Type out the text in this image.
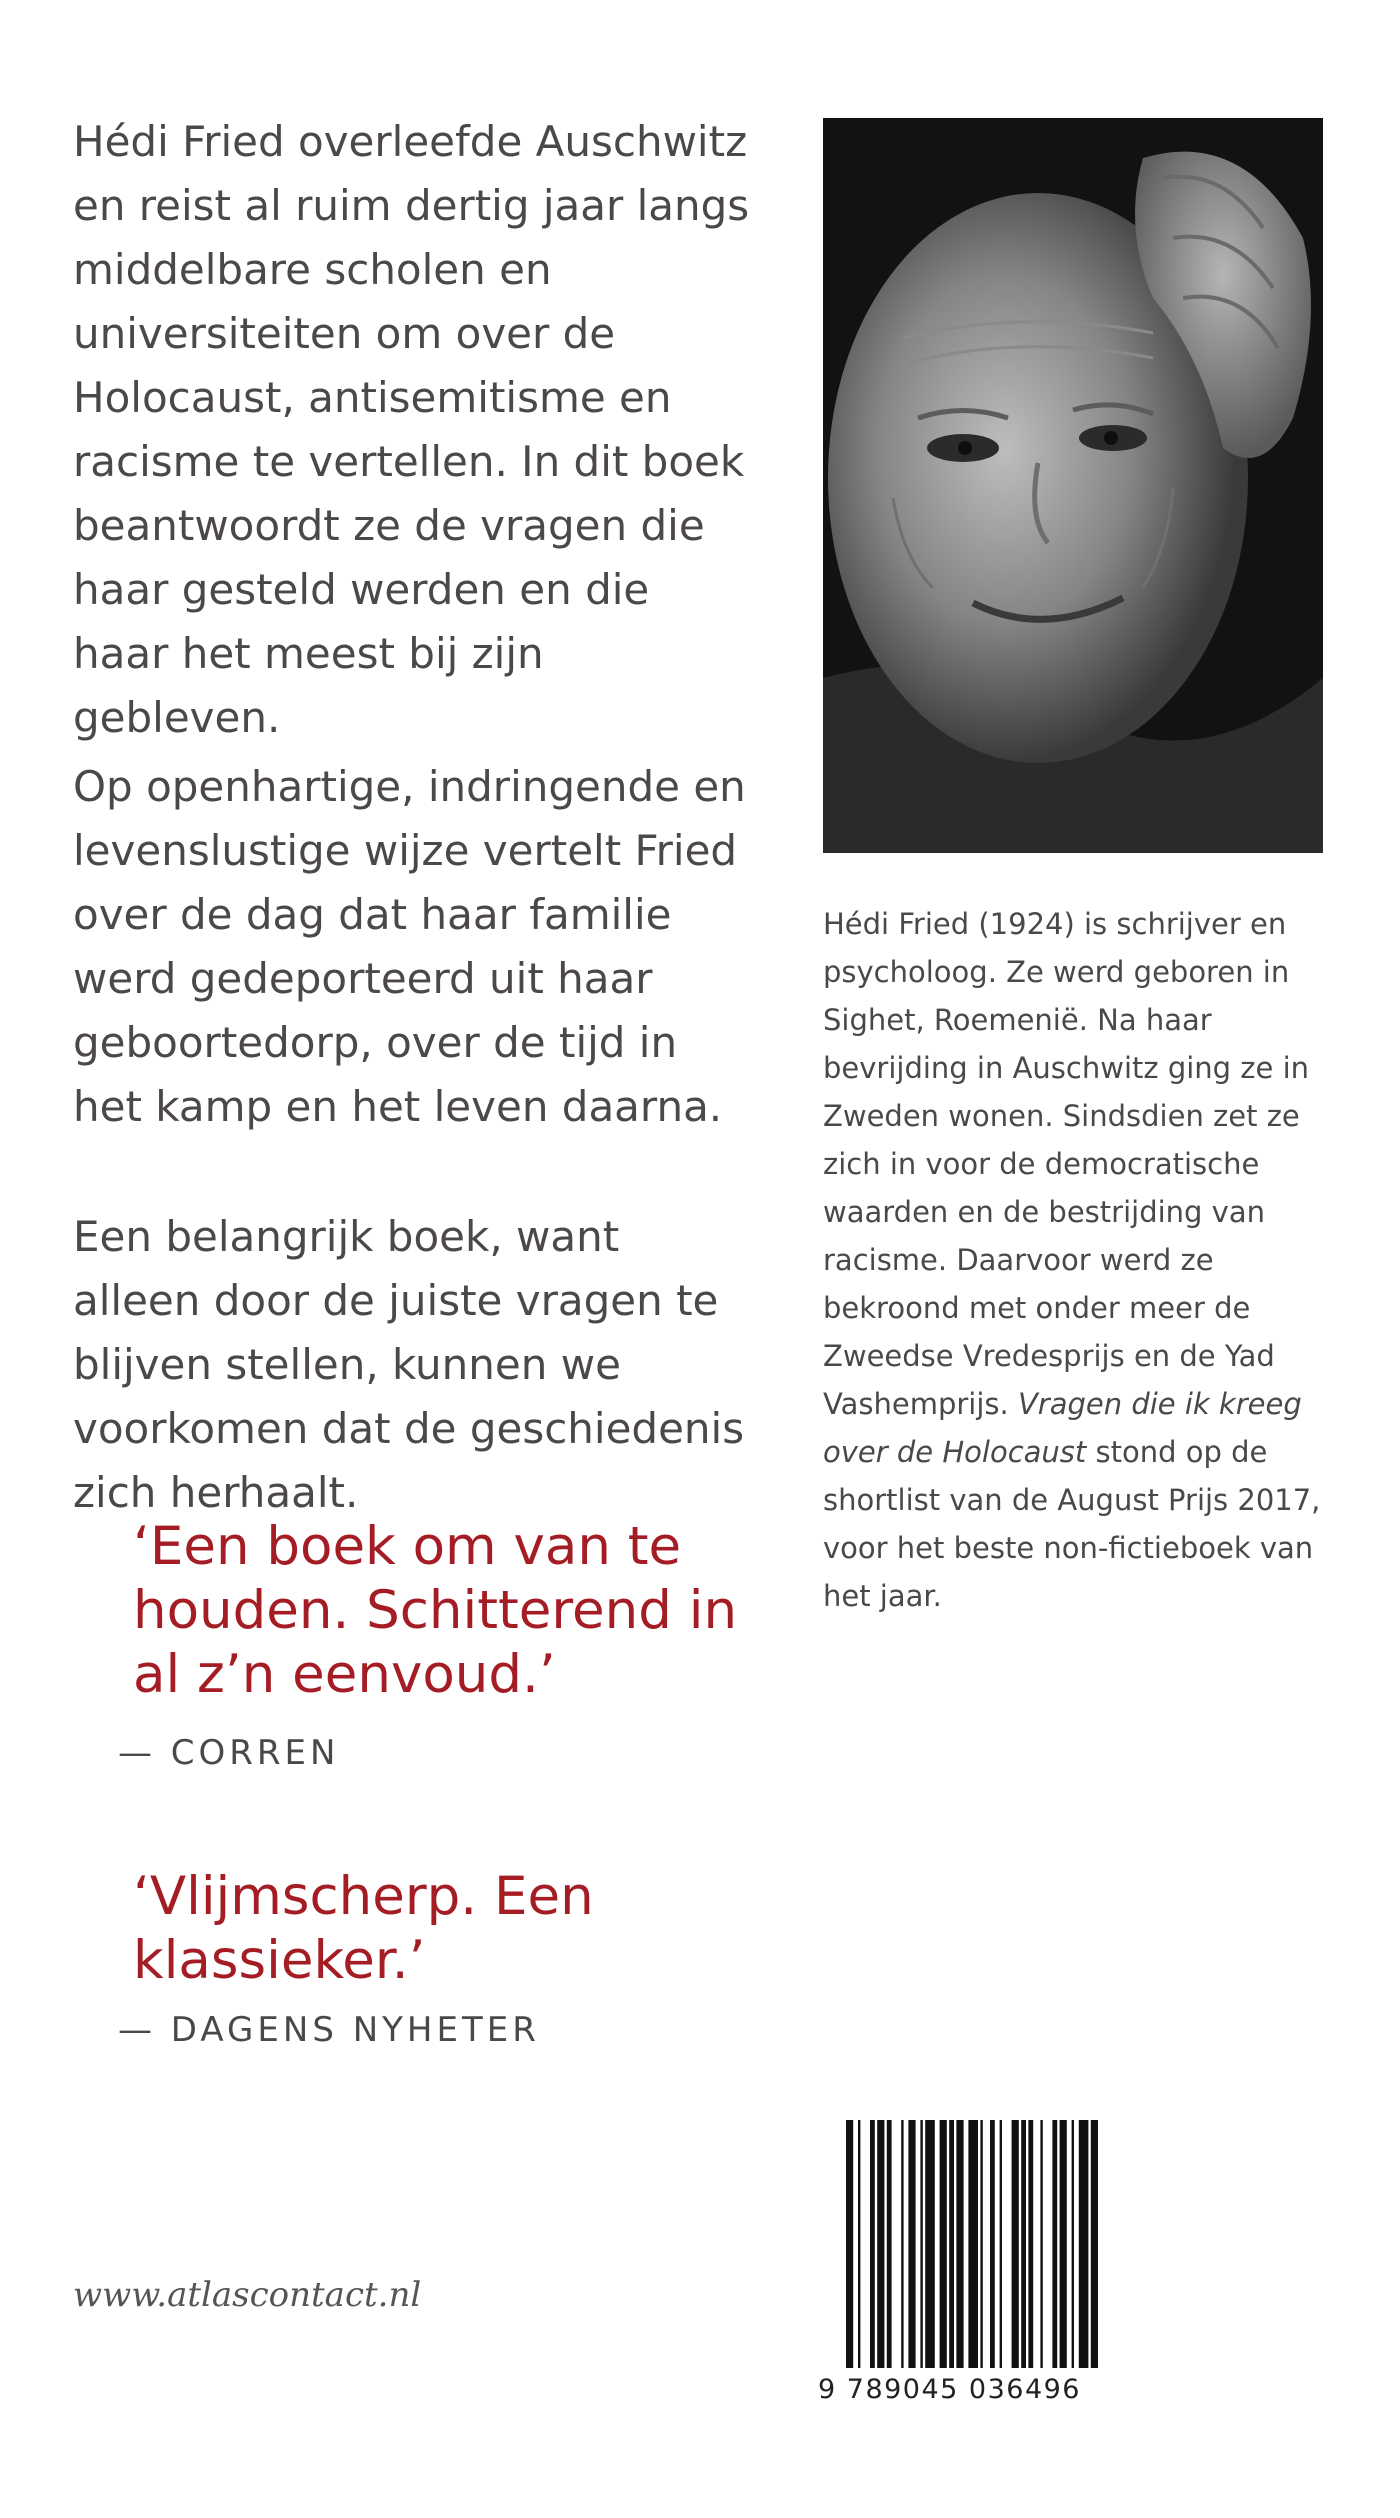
Hédi Fried overleefde Auschwitz en reist al ruim dertig jaar langs middelbare scholen en universiteiten om over de Holocaust, antisemitisme en racisme te vertellen. In dit boek beantwoordt ze de vragen die haar gesteld werden en die haar het meest bij zijn gebleven.

Op openhartige, indringende en levenslustige wijze vertelt Fried over de dag dat haar familie werd gedeporteerd uit haar geboortedorp, over de tijd in het kamp en het leven daarna.

Een belangrijk boek, want alleen door de juiste vragen te blijven stellen, kunnen we voorkomen dat de geschiedenis zich herhaalt.

‘Een boek om van te houden. Schitterend in al z’n eenvoud.’

— CORREN

‘Vlijmscherp. Een klassieker.’

— DAGENS NYHETER

Hédi Fried (1924) is schrijver en psycholoog. Ze werd geboren in Sighet, Roemenië. Na haar bevrijding in Auschwitz ging ze in Zweden wonen. Sindsdien zet ze zich in voor de democratische waarden en de bestrijding van racisme. Daarvoor werd ze bekroond met onder meer de Zweedse Vredesprijs en de Yad Vashemprijs. Vragen die ik kreeg over de Holocaust stond op de shortlist van de August Prijs 2017, voor het beste non-fictieboek van het jaar.

www.atlascontact.nl
9 789045 036496
